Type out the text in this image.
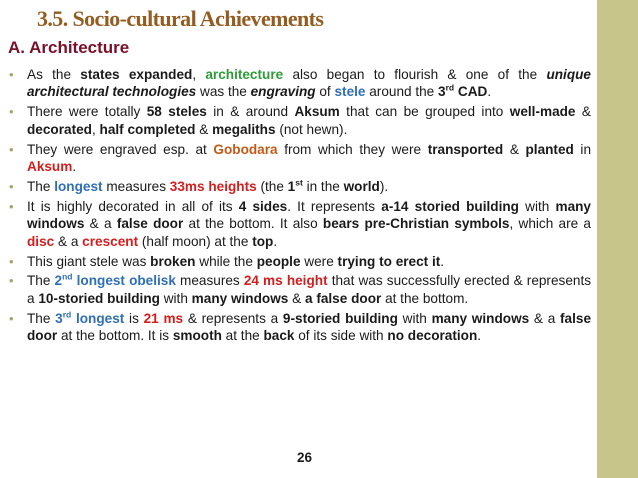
3.5. Socio-cultural Achievements
A. Architecture
• As the states expanded, architecture also began to flourish & one of the unique architectural technologies was the engraving of stele around the 3rd CAD.
• There were totally 58 steles in & around Aksum that can be grouped into well-made & decorated, half completed & megaliths (not hewn).
• They were engraved esp. at Gobodara from which they were transported & planted in Aksum.
• The longest measures 33ms heights (the 1st in the world).
• It is highly decorated in all of its 4 sides. It represents a-14 storied building with many windows & a false door at the bottom. It also bears pre-Christian symbols, which are a disc & a crescent (half moon) at the top.
• This giant stele was broken while the people were trying to erect it.
• The 2nd longest obelisk measures 24 ms height that was successfully erected & represents a 10-storied building with many windows & a false door at the bottom.
• The 3rd longest is 21 ms & represents a 9-storied building with many windows & a false door at the bottom. It is smooth at the back of its side with no decoration.
26
